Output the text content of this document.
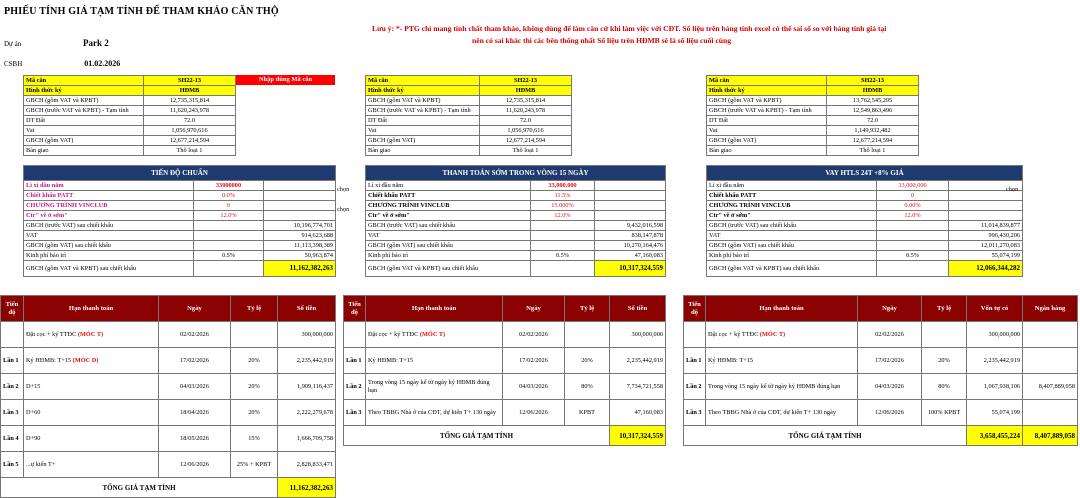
PHIẾU TÍNH GIÁ TẠM TÍNH ĐỂ THAM KHẢO CĂN THỘ
Lưu ý: *- PTG chỉ mang tính chất tham khảo, không dùng để làm căn cứ khi làm việc với CĐT. Số liệu trên bảng tính excel có thể sai số so với bảng tính giá tại
nên có sai khác thì các bên thống nhất Số liệu trên HĐMB sẽ là số liệu cuối cùng
Dự án	Park 2
CSBH	01.02.2026
Mã căn	SH22-13
Hình thức ký	HĐMB
GBCH (gồm VAT và KPBT)	12,735,315,814
GBCH (trước VAT và KPBT) - Tạm tính	11,620,243,978
DT Đất	72.0
Vat	1,056,970,616
GBCH (gồm VAT)	12,677,214,594
Bàn giao	Thô loại 1
Nhập đúng Mã căn	Mã căn	SH22-13
Hình thức ký	HĐMB
GBCH (gồm VAT và KPBT)	12,735,315,814
GBCH (trước VAT và KPBT) - Tạm tính	11,620,243,978
DT Đất	72.0
Vat	1,056,970,616
GBCH (gồm VAT)	12,677,214,594
Bàn giao	Thô loại 1
Mã căn	SH22-13
Hình thức ký	HĐMB
GBCH (gồm VAT và KPBT)	13,762,545,295
GBCH (trước VAT và KPBT) - Tạm tính	12,549,863,496
DT Đất	72.0
Vat	1,149,932,482
GBCH (gồm VAT)	12,677,214,594
Bàn giao	Thô loại 1
TIẾN ĐỘ CHUẨN		
Lì xì đầu năm	33000000	
Chiết khấu PATT	0.0%	
CHƯƠNG TRÌNH VINCLUB	0	
Ctr" về ở sớm"	12.0%	
GBCH (trước VAT) sau chiết khấu		10,196,774,701
VAT		914,623,688
GBCH (gồm VAT) sau chiết khấu		11,113,398,389
Kinh phí bảo trì	0.5%	50,963,874
GBCH (gồm VAT và KPBT) sau chiết khấu		11,162,382,263
THANH TOÁN SỚM TRONG VÒNG 15 NGÀY		
Lì xì đầu năm	33,000,000	
Chiết khấu PATT	11.5%	
CHƯƠNG TRÌNH VINCLUB	15.000%	
Ctr" về ở sớm"	12.0%	
GBCH (trước VAT) sau chiết khấu		9,432,016,598
VAT		838,147,878
GBCH (gồm VAT) sau chiết khấu		10,270,164,476
Kinh phí bảo trì	0.5%	47,160,083
GBCH (gồm VAT và KPBT) sau chiết khấu		10,317,324,559
VAY HTLS 24T +8% GIÁ		
Lì xì đầu năm	33,000,000	
Chiết khấu PATT	0	
CHƯƠNG TRÌNH VINCLUB	0.00%	
Ctr" về ở sớm"	12.0%	
GBCH (trước VAT) sau chiết khấu		11,014,839,877
VAT		996,430,206
GBCH (gồm VAT) sau chiết khấu		12,011,270,083
Kinh phí bảo trì	0.5%	55,074,199
GBCH (gồm VAT và KPBT) sau chiết khấu		12,066,344,282
chọn
chọn
chọn
Tiến độ	Hạn thanh toán	Ngày	Tỷ lệ	Số tiền
	Đặt cọc + ký TTĐC (MÓC T)	02/02/2026		300,000,000
Lần 1	Ký HĐMB: T+15 (MÓC D)	17/02/2026	20%	2,235,442,919
Lần 2	D+15	04/03/2026	20%	1,909,116,437
Lần 3	D+60	18/04/2026	20%	2,222,279,678
Lần 4	D+90	18/05/2026	15%	1,666,709,758
Lần 5	...ự kiến T+	12/06/2026	25% + KPBT	2,828,833,471
TỔNG GIÁ TẠM TÍNH				11,162,382,263
Tiến độ	Hạn thanh toán	Ngày	Tỷ lệ	Số tiền
	Đặt cọc + ký TTĐC (MÓC T)	02/02/2026		300,000,000
Lần 1	Ký HĐMB: T+15	17/02/2026	20%	2,235,442,919
Lần 2	Trong vòng 15 ngày kể từ ngày ký HĐMB đúng hạn	04/03/2026	80%	7,734,721,558
Lần 3	Theo TBBG Nhà ở của CĐT, dự kiến T+ 130 ngày	12/06/2026	KPBT	47,160,083
TỔNG GIÁ TẠM TÍNH				10,317,324,559
Tiến độ	Hạn thanh toán	Ngày	Tỷ lệ	Vốn tự có	Ngân hàng
	Đặt cọc + ký TTĐC (MÓC T)	02/02/2026		300,000,000	
Lần 1	Ký HĐMB: T+15	17/02/2026	20%	2,235,442,919	
Lần 2	Trong vòng 15 ngày kể từ ngày ký HĐMB đúng hạn	04/03/2026	80%	1,067,938,106	8,407,889,058
Lần 3	Theo TBBG Nhà ở của CĐT, dự kiến T+ 130 ngày	12/06/2026	100% KPBT	55,074,199	
TỔNG GIÁ TẠM TÍNH				3,658,455,224	8,407,889,058
